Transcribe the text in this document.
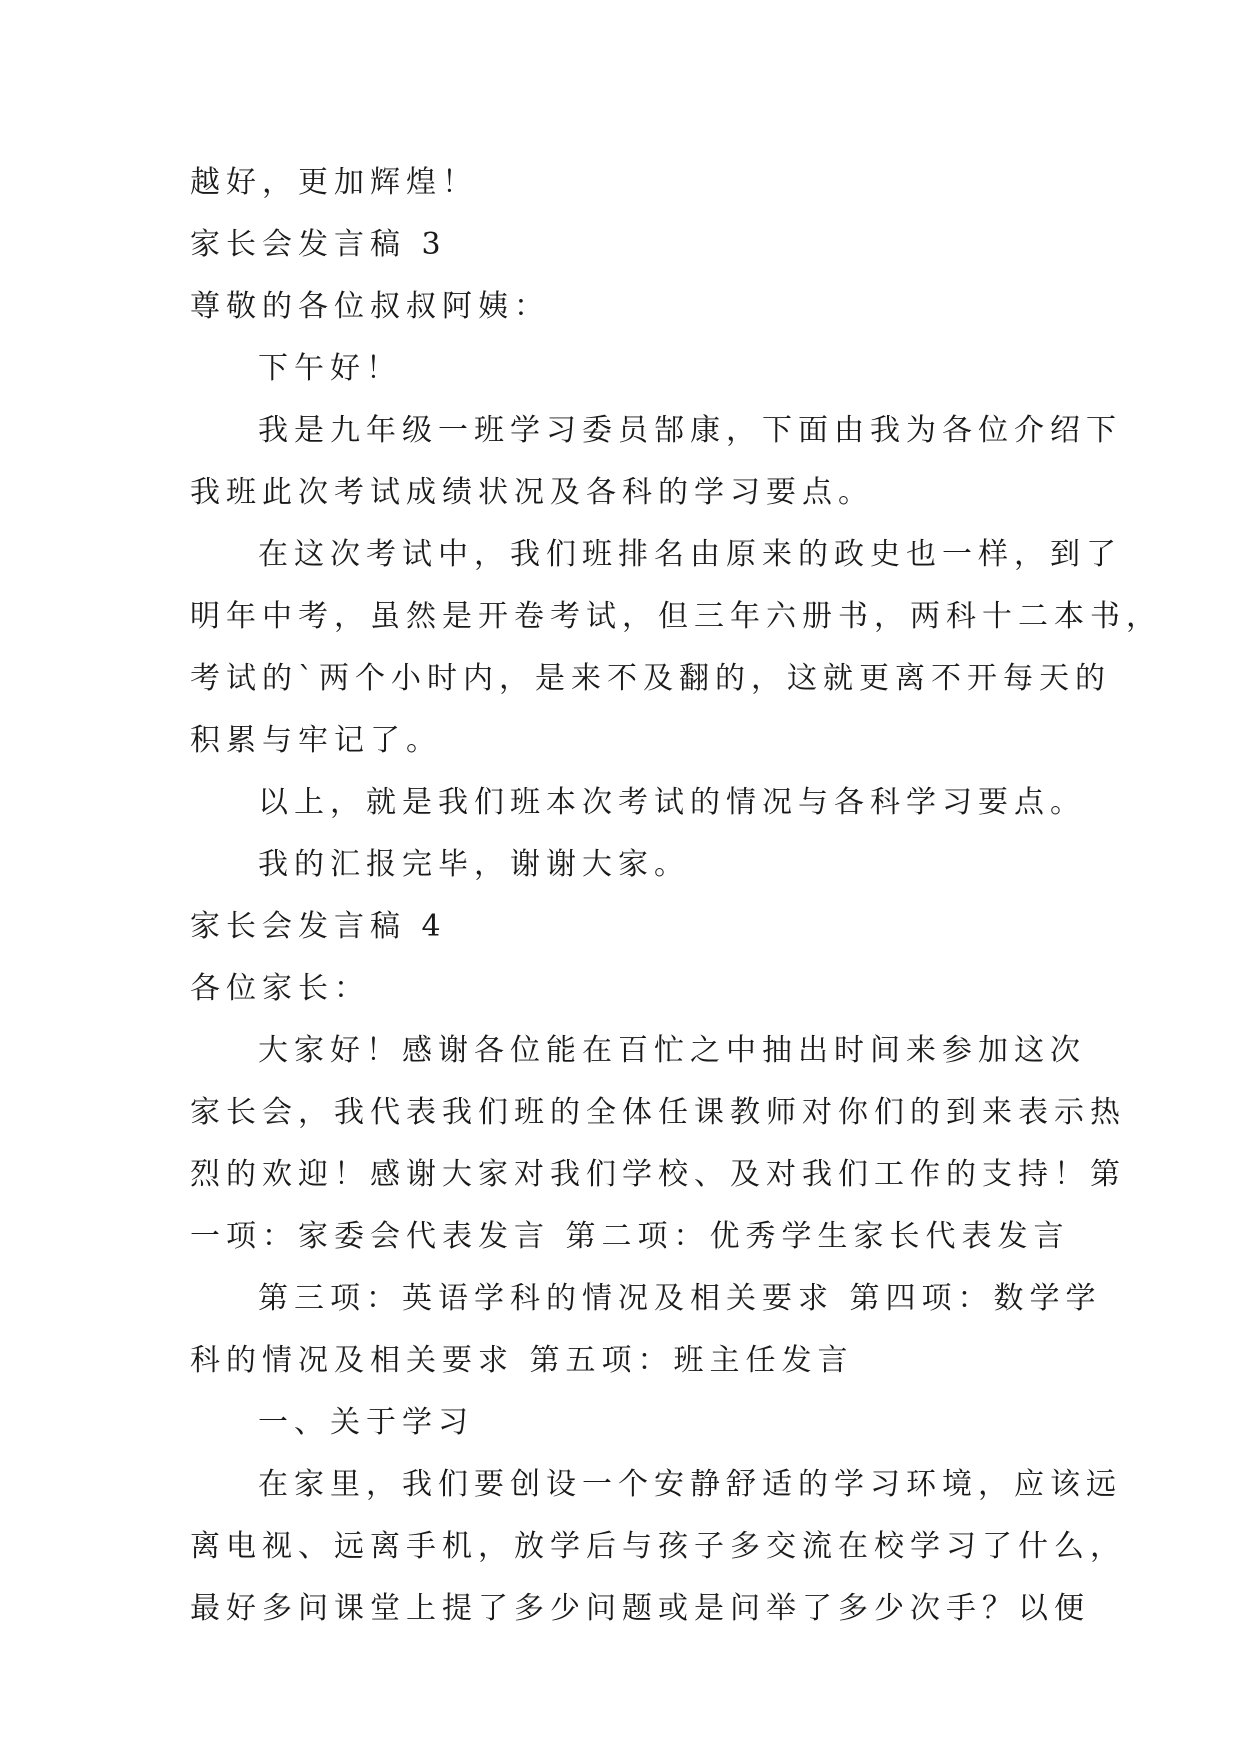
越好，更加辉煌！
家长会发言稿 3
尊敬的各位叔叔阿姨：
下午好！
我是九年级一班学习委员郜康，下面由我为各位介绍下
我班此次考试成绩状况及各科的学习要点。
在这次考试中，我们班排名由原来的政史也一样，到了
明年中考，虽然是开卷考试，但三年六册书，两科十二本书，
考试的`两个小时内，是来不及翻的，这就更离不开每天的
积累与牢记了。
以上，就是我们班本次考试的情况与各科学习要点。
我的汇报完毕，谢谢大家。
家长会发言稿 4
各位家长：
大家好！感谢各位能在百忙之中抽出时间来参加这次
家长会，我代表我们班的全体任课教师对你们的到来表示热
烈的欢迎！感谢大家对我们学校、及对我们工作的支持！第
一项：家委会代表发言 第二项：优秀学生家长代表发言
第三项：英语学科的情况及相关要求 第四项：数学学
科的情况及相关要求 第五项：班主任发言
一、关于学习
在家里，我们要创设一个安静舒适的学习环境，应该远
离电视、远离手机，放学后与孩子多交流在校学习了什么，
最好多问课堂上提了多少问题或是问举了多少次手？以便
